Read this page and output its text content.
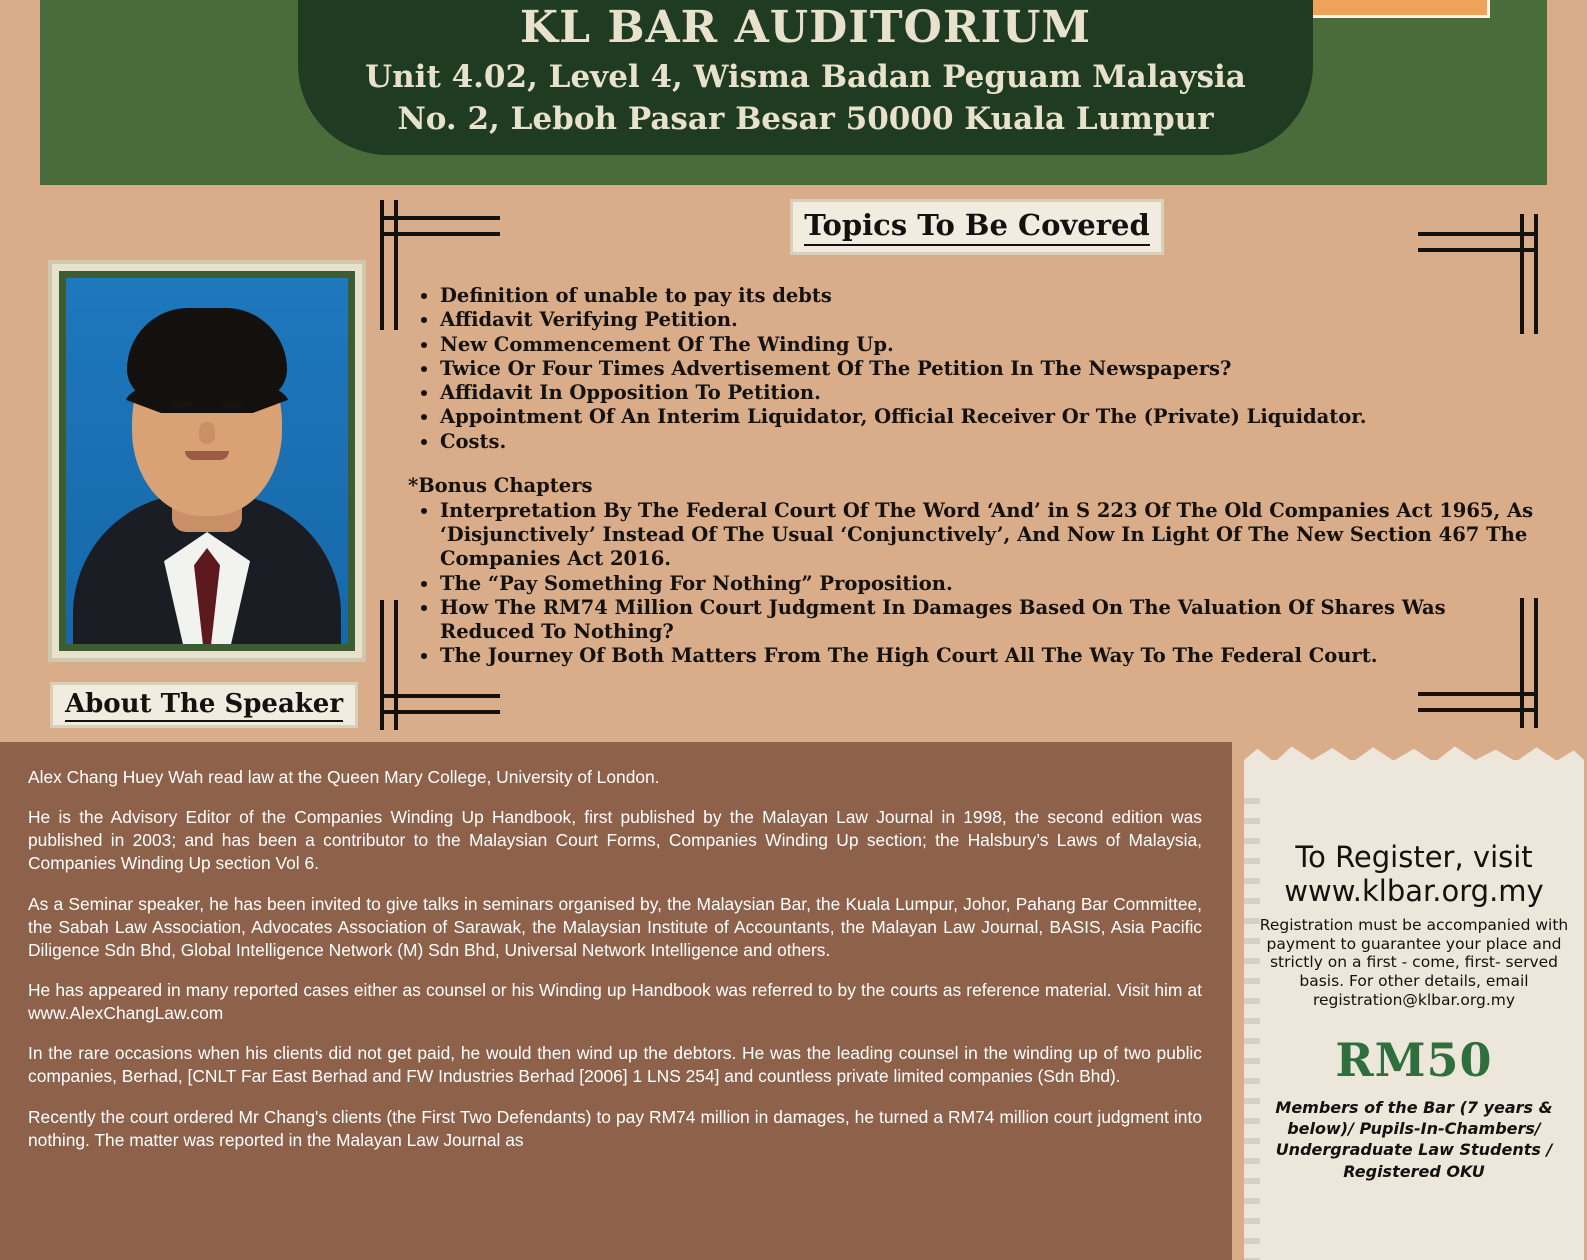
KL BAR AUDITORIUM
Unit 4.02, Level 4, Wisma Badan Peguam Malaysia
No. 2, Leboh Pasar Besar 50000 Kuala Lumpur
About The Speaker
Topics To Be Covered
• Definition of unable to pay its debts
• Affidavit Verifying Petition.
• New Commencement Of The Winding Up.
• Twice Or Four Times Advertisement Of The Petition In The Newspapers?
• Affidavit In Opposition To Petition.
• Appointment Of An Interim Liquidator, Official Receiver Or The (Private) Liquidator.
• Costs.
*Bonus Chapters
• Interpretation By The Federal Court Of The Word ‘And’ in S 223 Of The Old Companies Act 1965, As ‘Disjunctively’ Instead Of The Usual ‘Conjunctively’, And Now In Light Of The New Section 467 The Companies Act 2016.
• The “Pay Something For Nothing” Proposition.
• How The RM74 Million Court Judgment In Damages Based On The Valuation Of Shares Was Reduced To Nothing?
• The Journey Of Both Matters From The High Court All The Way To The Federal Court.

Alex Chang Huey Wah read law at the Queen Mary College, University of London.

He is the Advisory Editor of the Companies Winding Up Handbook, first published by the Malayan Law Journal in 1998, the second edition was published in 2003; and has been a contributor to the Malaysian Court Forms, Companies Winding Up section; the Halsbury’s Laws of Malaysia, Companies Winding Up section Vol 6.

As a Seminar speaker, he has been invited to give talks in seminars organised by, the Malaysian Bar, the Kuala Lumpur, Johor, Pahang Bar Committee, the Sabah Law Association, Advocates Association of Sarawak, the Malaysian Institute of Accountants, the Malayan Law Journal, BASIS, Asia Pacific Diligence Sdn Bhd, Global Intelligence Network (M) Sdn Bhd, Universal Network Intelligence and others.

He has appeared in many reported cases either as counsel or his Winding up Handbook was referred to by the courts as reference material. Visit him at www.AlexChangLaw.com

In the rare occasions when his clients did not get paid, he would then wind up the debtors. He was the leading counsel in the winding up of two public companies, Berhad, [CNLT Far East Berhad and FW Industries Berhad [2006] 1 LNS 254] and countless private limited companies (Sdn Bhd).

Recently the court ordered Mr Chang's clients (the First Two Defendants) to pay RM74 million in damages, he turned a RM74 million court judgment into nothing. The matter was reported in the Malayan Law Journal as

To Register, visit
www.klbar.org.my
Registration must be accompanied with payment to guarantee your place and strictly on a first - come, first- served basis. For other details, email registration@klbar.org.my
RM50
Members of the Bar (7 years & below)/ Pupils-In-Chambers/ Undergraduate Law Students / Registered OKU
